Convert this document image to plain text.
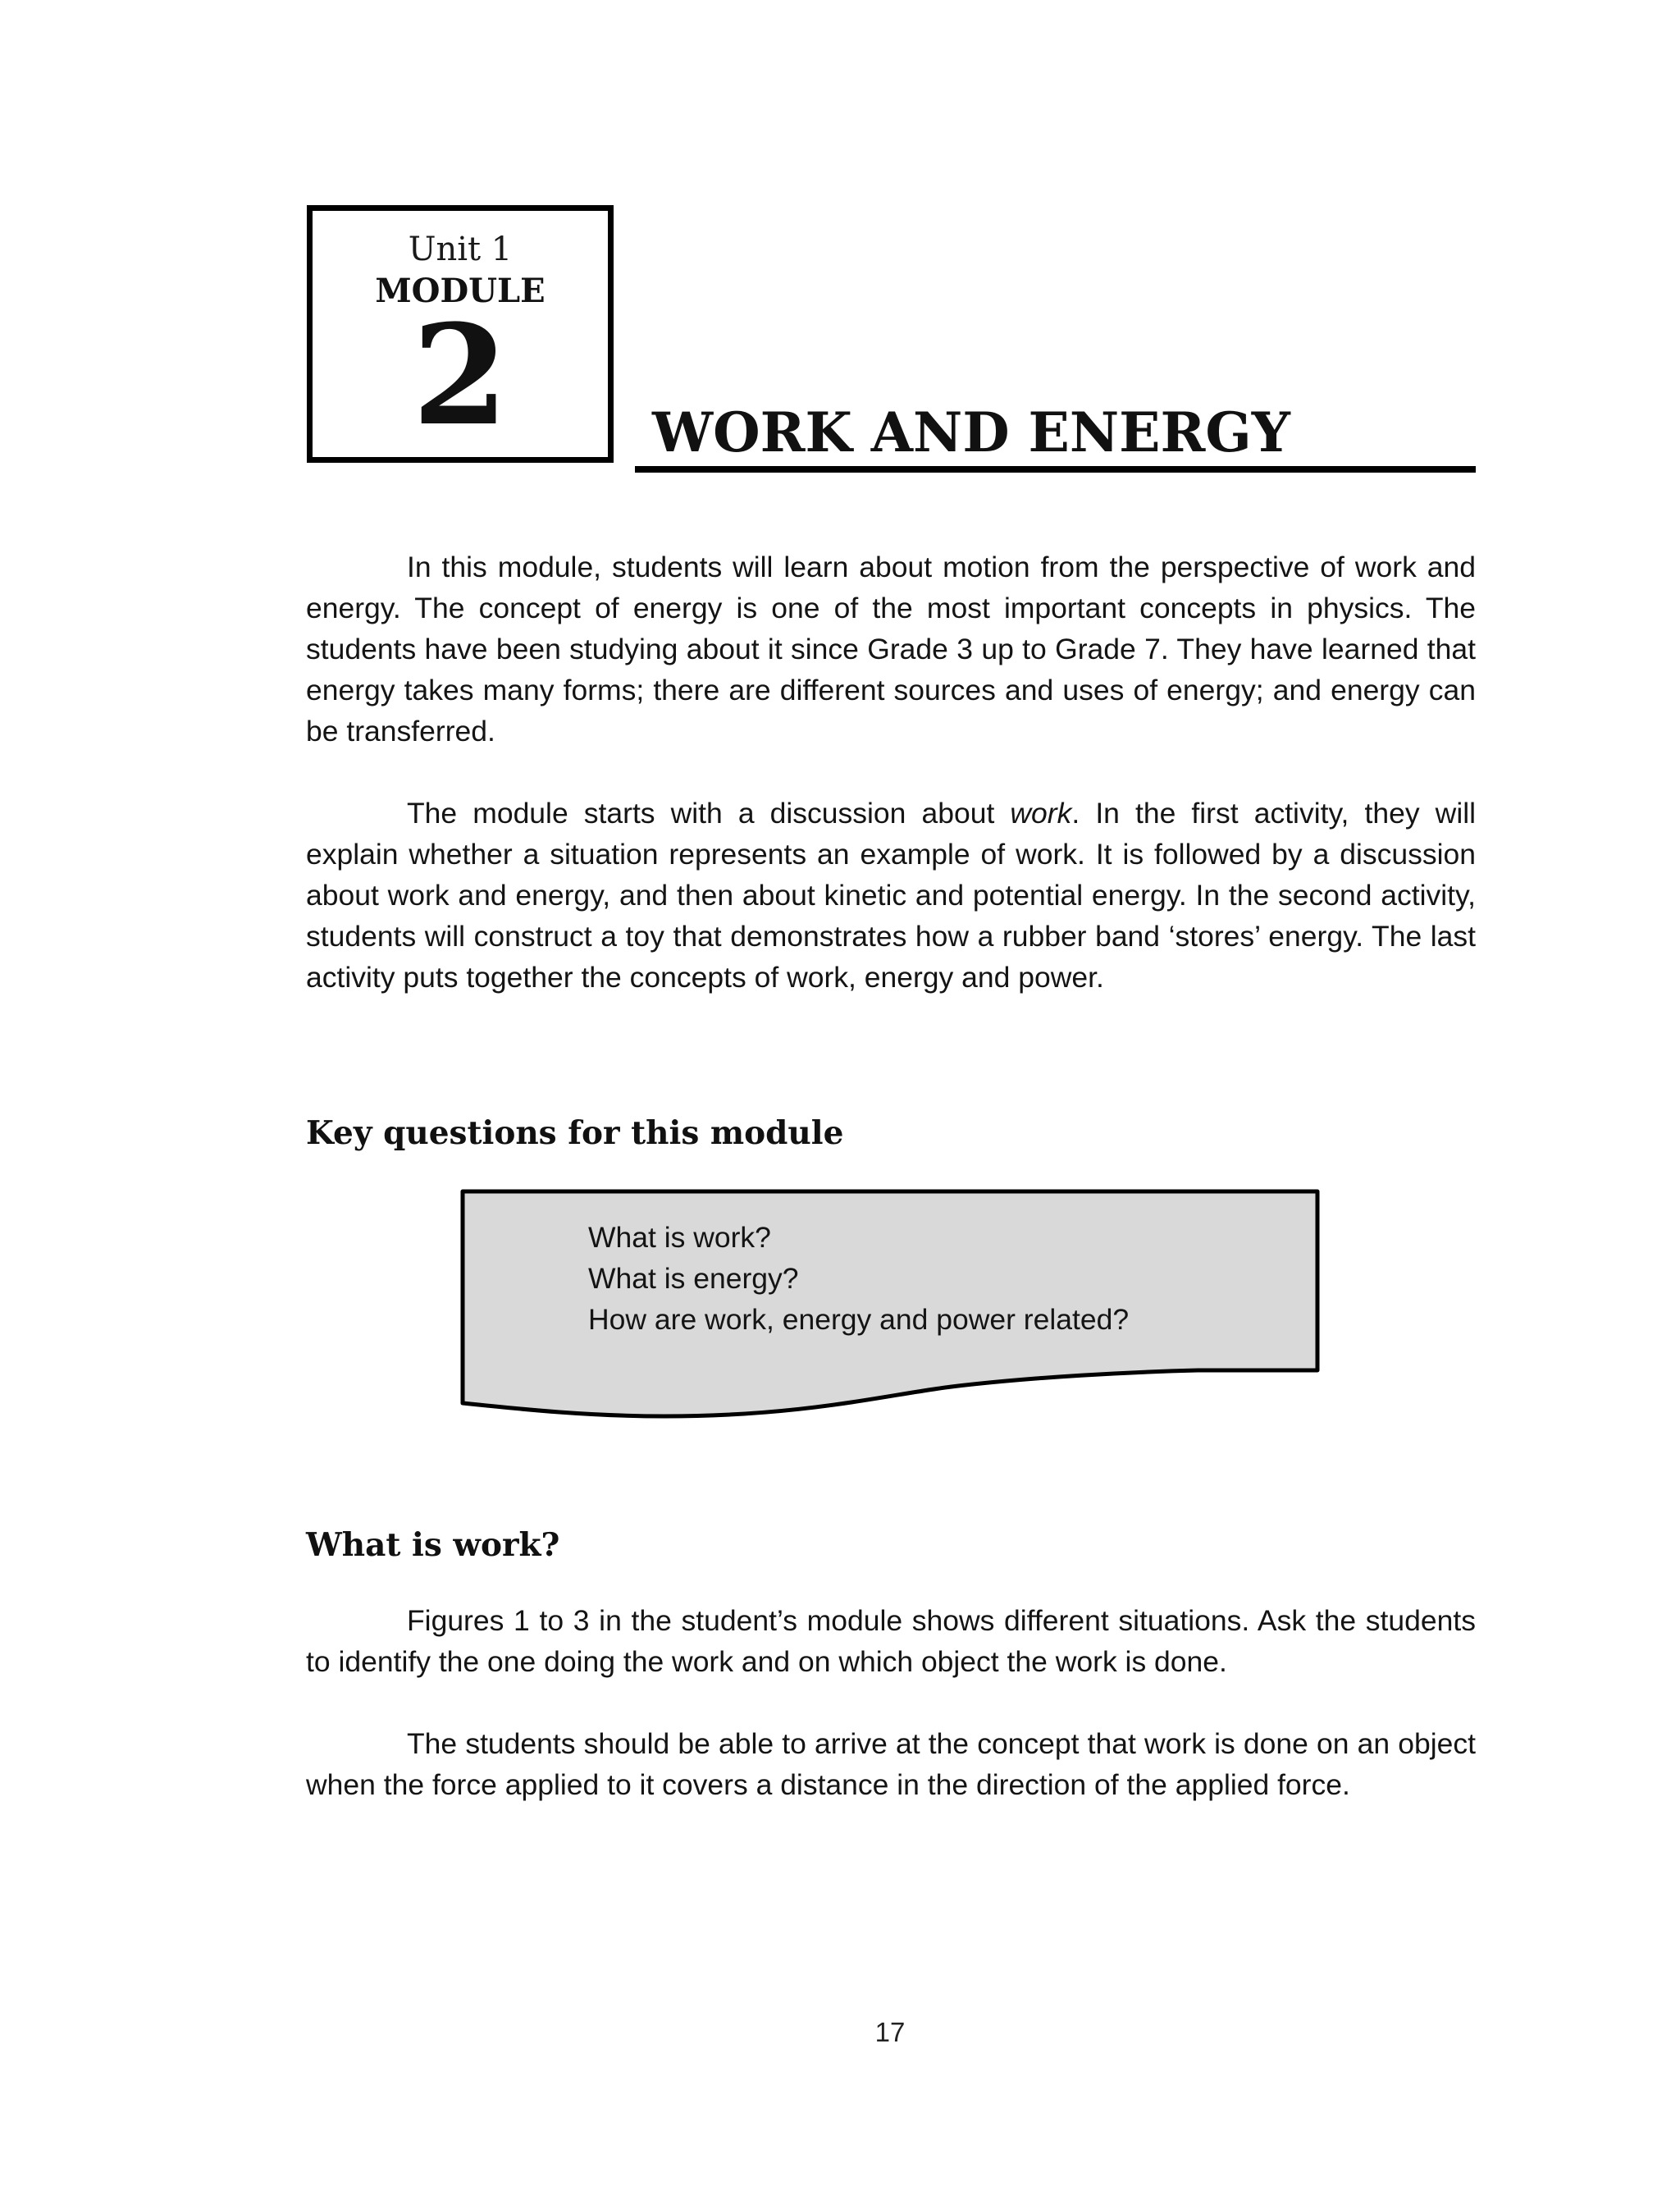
Unit 1
MODULE
2	WORK AND ENERGY

In this module, students will learn about motion from the perspective of work and energy. The concept of energy is one of the most important concepts in physics. The students have been studying about it since Grade 3 up to Grade 7. They have learned that energy takes many forms; there are different sources and uses of energy; and energy can be transferred.

The module starts with a discussion about work. In the first activity, they will explain whether a situation represents an example of work. It is followed by a discussion about work and energy, and then about kinetic and potential energy. In the second activity, students will construct a toy that demonstrates how a rubber band ‘stores’ energy. The last activity puts together the concepts of work, energy and power.

Key questions for this module
What is work?
What is energy?
How are work, energy and power related?
What is work?

Figures 1 to 3 in the student’s module shows different situations. Ask the students to identify the one doing the work and on which object the work is done.

The students should be able to arrive at the concept that work is done on an object when the force applied to it covers a distance in the direction of the applied force.

17
